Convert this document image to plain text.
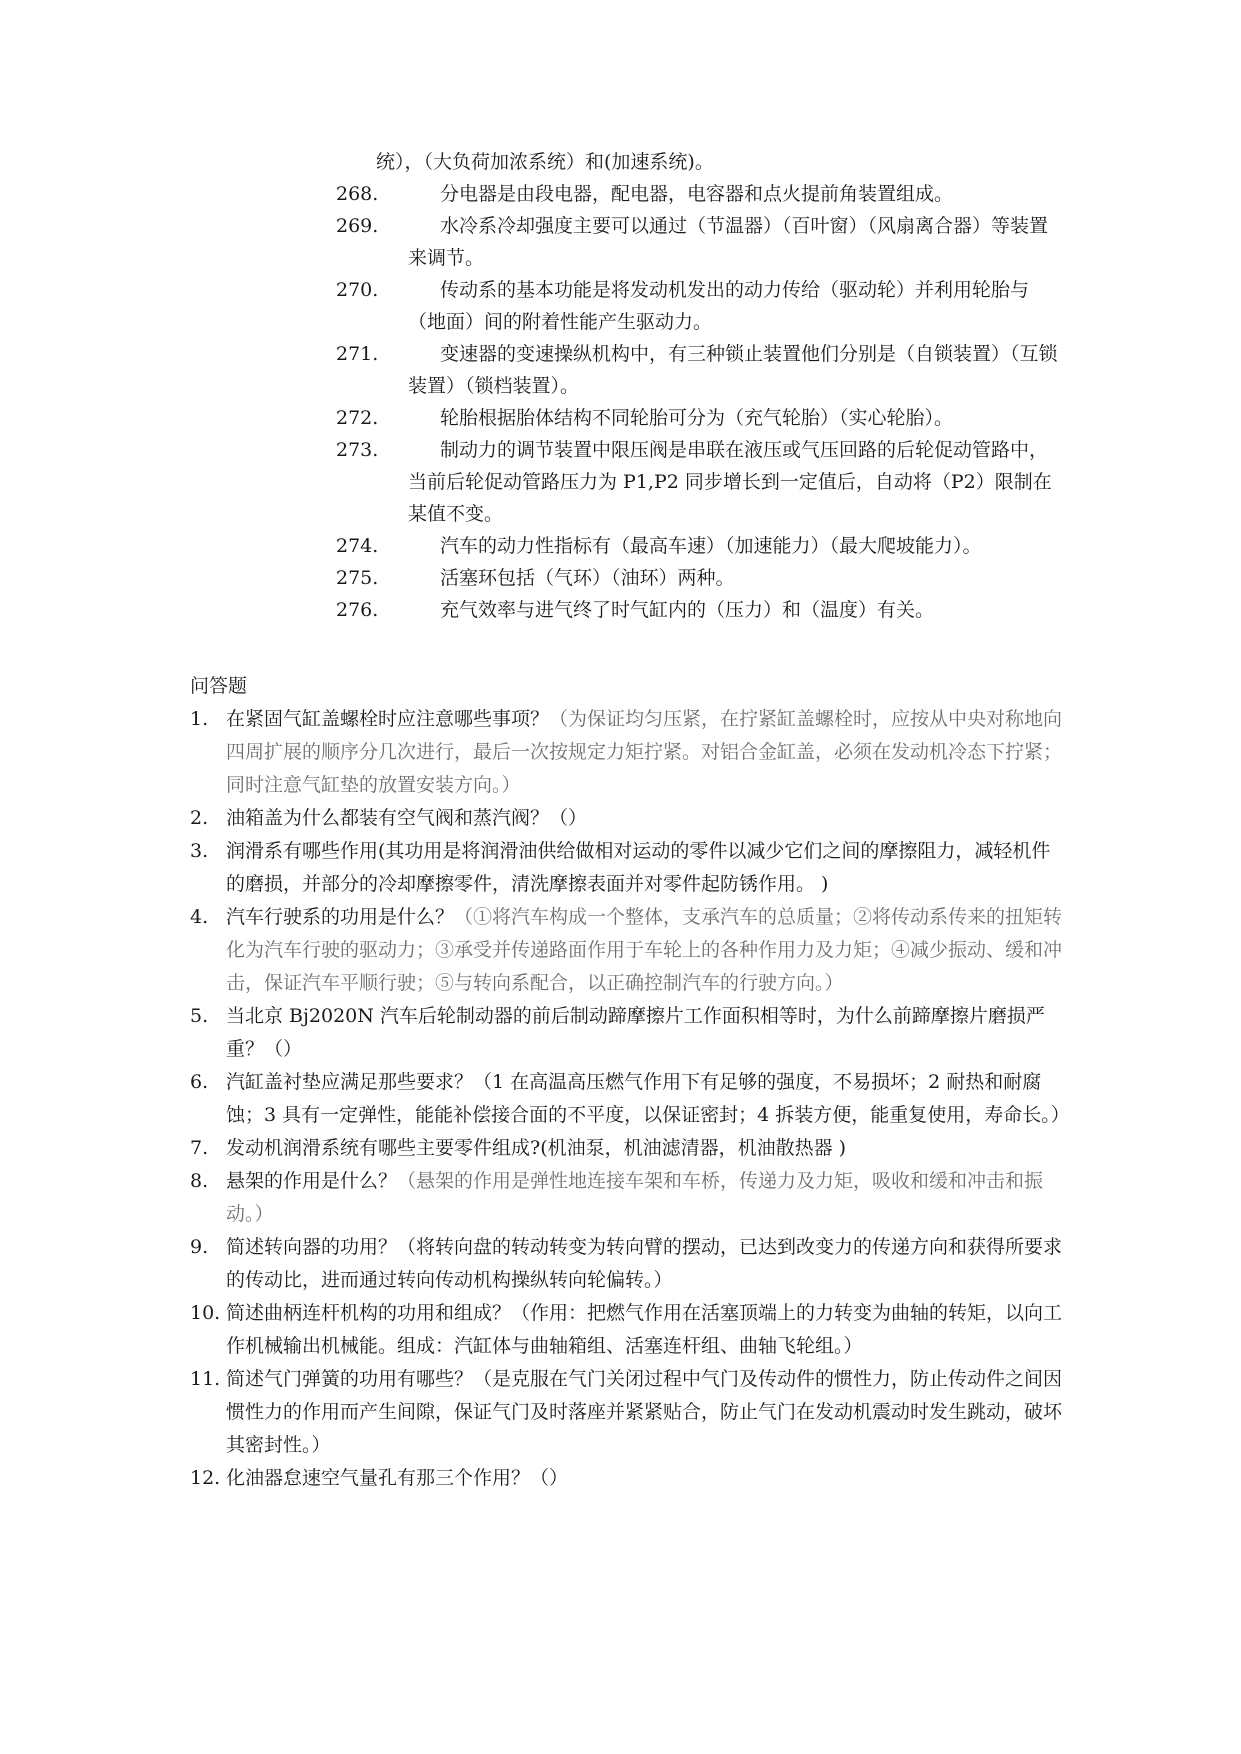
统），（大负荷加浓系统）和(加速系统)。
268.	分电器是由段电器，配电器，电容器和点火提前角装置组成。
269.	水冷系冷却强度主要可以通过（节温器）（百叶窗）（风扇离合器）等装置来调节。
270.	传动系的基本功能是将发动机发出的动力传给（驱动轮）并利用轮胎与（地面）间的附着性能产生驱动力。
271.	变速器的变速操纵机构中，有三种锁止装置他们分别是（自锁装置）（互锁装置）（锁档装置）。
272.	轮胎根据胎体结构不同轮胎可分为（充气轮胎）（实心轮胎）。
273.	制动力的调节装置中限压阀是串联在液压或气压回路的后轮促动管路中，当前后轮促动管路压力为 P1,P2 同步增长到一定值后，自动将（P2）限制在某值不变。
274.	汽车的动力性指标有（最高车速）（加速能力）（最大爬坡能力）。
275.	活塞环包括（气环）（油环）两种。
276.	充气效率与进气终了时气缸内的（压力）和（温度）有关。
问答题
1. 在紧固气缸盖螺栓时应注意哪些事项？（为保证均匀压紧，在拧紧缸盖螺栓时，应按从中央对称地向四周扩展的顺序分几次进行，最后一次按规定力矩拧紧。对铝合金缸盖，必须在发动机冷态下拧紧；同时注意气缸垫的放置安装方向。）
2. 油箱盖为什么都装有空气阀和蒸汽阀？（）
3. 润滑系有哪些作用(其功用是将润滑油供给做相对运动的零件以减少它们之间的摩擦阻力，减轻机件的磨损，并部分的冷却摩擦零件，清洗摩擦表面并对零件起防锈作用。 )
4. 汽车行驶系的功用是什么？（①将汽车构成一个整体，支承汽车的总质量；②将传动系传来的扭矩转化为汽车行驶的驱动力；③承受并传递路面作用于车轮上的各种作用力及力矩；④减少振动、缓和冲击，保证汽车平顺行驶；⑤与转向系配合，以正确控制汽车的行驶方向。）
5. 当北京 Bj2020N 汽车后轮制动器的前后制动蹄摩擦片工作面积相等时，为什么前蹄摩擦片磨损严重？（）
6. 汽缸盖衬垫应满足那些要求？（1 在高温高压燃气作用下有足够的强度，不易损坏；2 耐热和耐腐蚀；3 具有一定弹性，能能补偿接合面的不平度，以保证密封；4 拆装方便，能重复使用，寿命长。）
7. 发动机润滑系统有哪些主要零件组成?(机油泵，机油滤清器，机油散热器 )
8. 悬架的作用是什么？（悬架的作用是弹性地连接车架和车桥，传递力及力矩，吸收和缓和冲击和振动。）
9. 简述转向器的功用？（将转向盘的转动转变为转向臂的摆动，已达到改变力的传递方向和获得所要求的传动比，进而通过转向传动机构操纵转向轮偏转。）
10. 简述曲柄连杆机构的功用和组成？（作用：把燃气作用在活塞顶端上的力转变为曲轴的转矩，以向工作机械输出机械能。组成：汽缸体与曲轴箱组、活塞连杆组、曲轴飞轮组。）
11. 简述气门弹簧的功用有哪些？（是克服在气门关闭过程中气门及传动件的惯性力，防止传动件之间因惯性力的作用而产生间隙，保证气门及时落座并紧紧贴合，防止气门在发动机震动时发生跳动，破坏其密封性。）
12. 化油器怠速空气量孔有那三个作用？（）
